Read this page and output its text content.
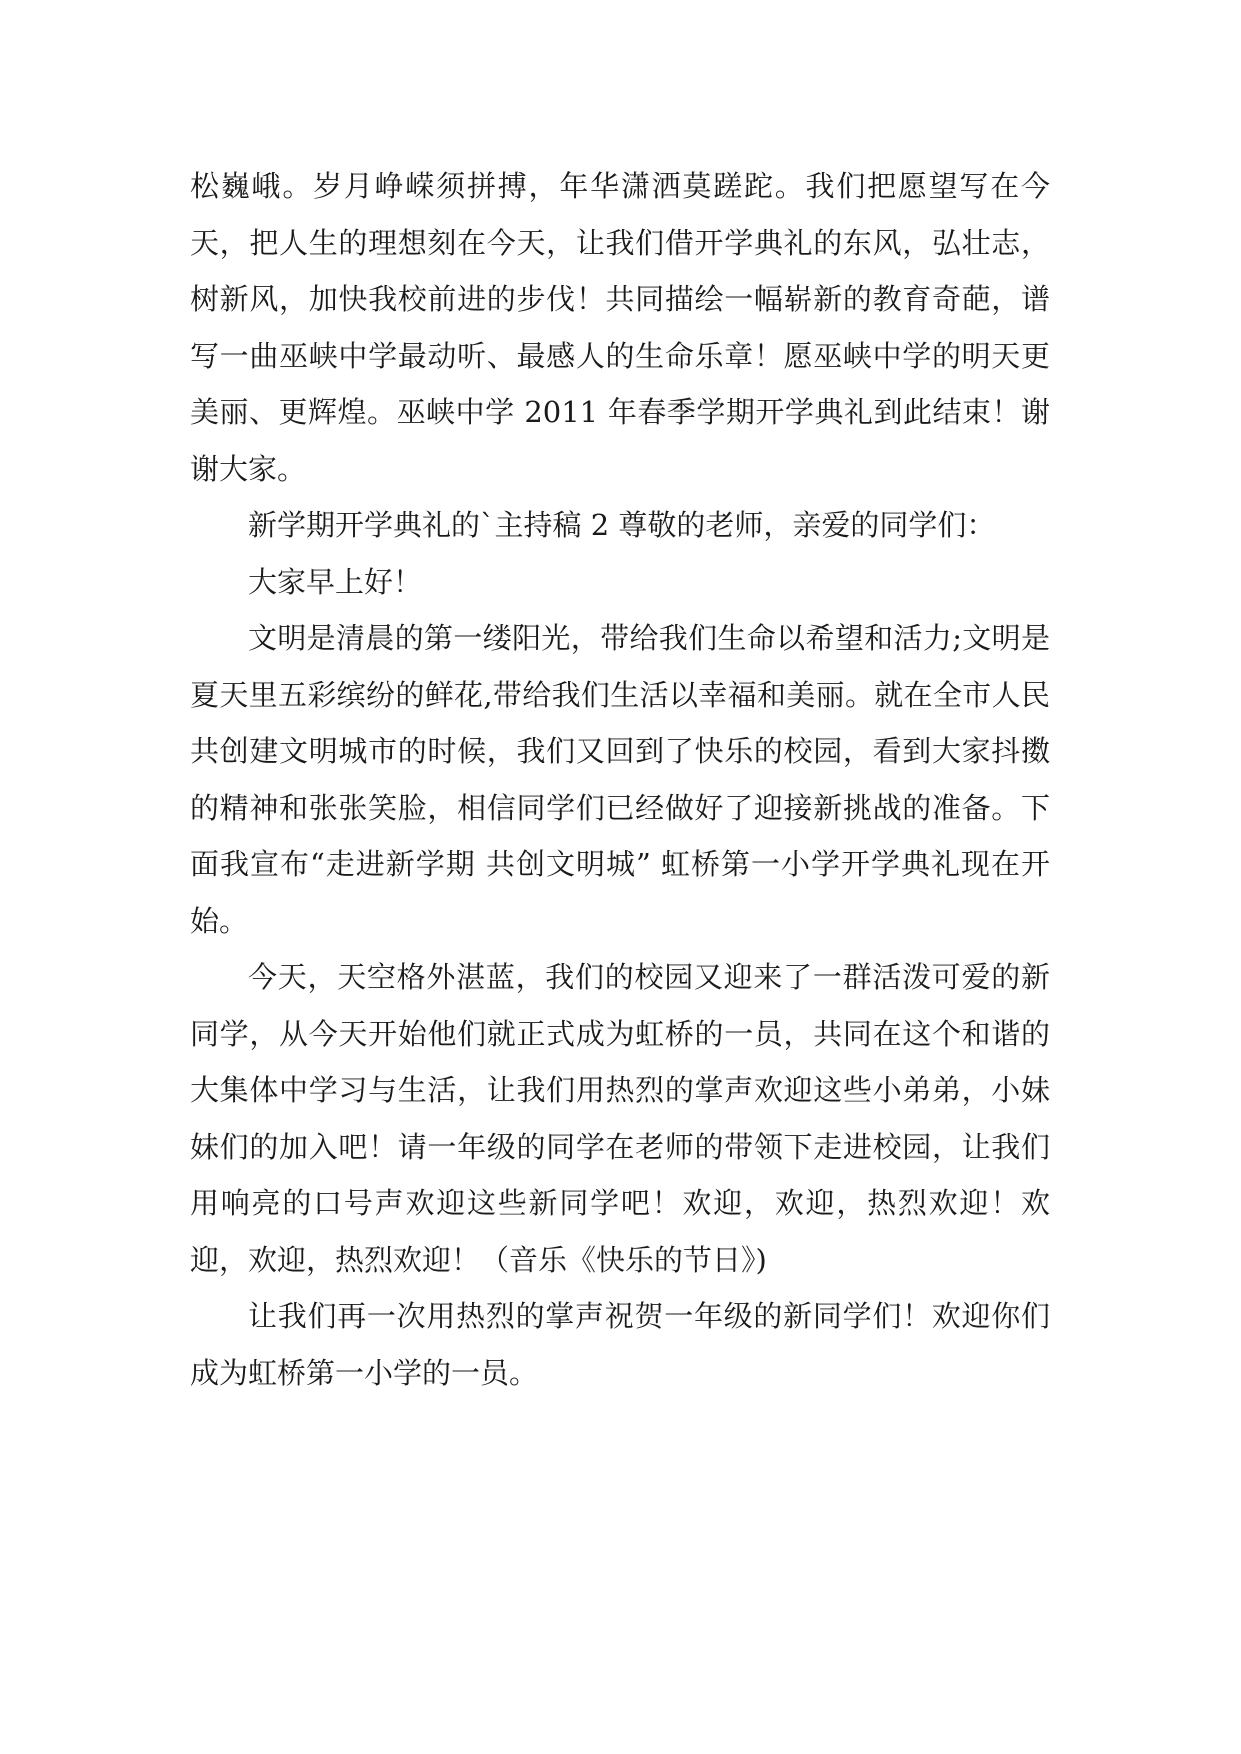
松巍峨。岁月峥嵘须拼搏，年华潇洒莫蹉跎。我们把愿望写在今天，把人生的理想刻在今天，让我们借开学典礼的东风，弘壮志，树新风，加快我校前进的步伐！共同描绘一幅崭新的教育奇葩，谱写一曲巫峡中学最动听、最感人的生命乐章！愿巫峡中学的明天更美丽、更辉煌。巫峡中学 2011 年春季学期开学典礼到此结束！谢谢大家。

新学期开学典礼的`主持稿 2 尊敬的老师，亲爱的同学们：

大家早上好！

文明是清晨的第一缕阳光，带给我们生命以希望和活力;文明是夏天里五彩缤纷的鲜花,带给我们生活以幸福和美丽。就在全市人民共创建文明城市的时候，我们又回到了快乐的校园，看到大家抖擞的精神和张张笑脸，相信同学们已经做好了迎接新挑战的准备。下面我宣布“走进新学期 共创文明城” 虹桥第一小学开学典礼现在开始。

今天，天空格外湛蓝，我们的校园又迎来了一群活泼可爱的新同学，从今天开始他们就正式成为虹桥的一员，共同在这个和谐的大集体中学习与生活，让我们用热烈的掌声欢迎这些小弟弟，小妹妹们的加入吧！请一年级的同学在老师的带领下走进校园，让我们用响亮的口号声欢迎这些新同学吧！欢迎，欢迎，热烈欢迎！欢迎，欢迎，热烈欢迎！（音乐《快乐的节日》)

让我们再一次用热烈的掌声祝贺一年级的新同学们！欢迎你们成为虹桥第一小学的一员。
